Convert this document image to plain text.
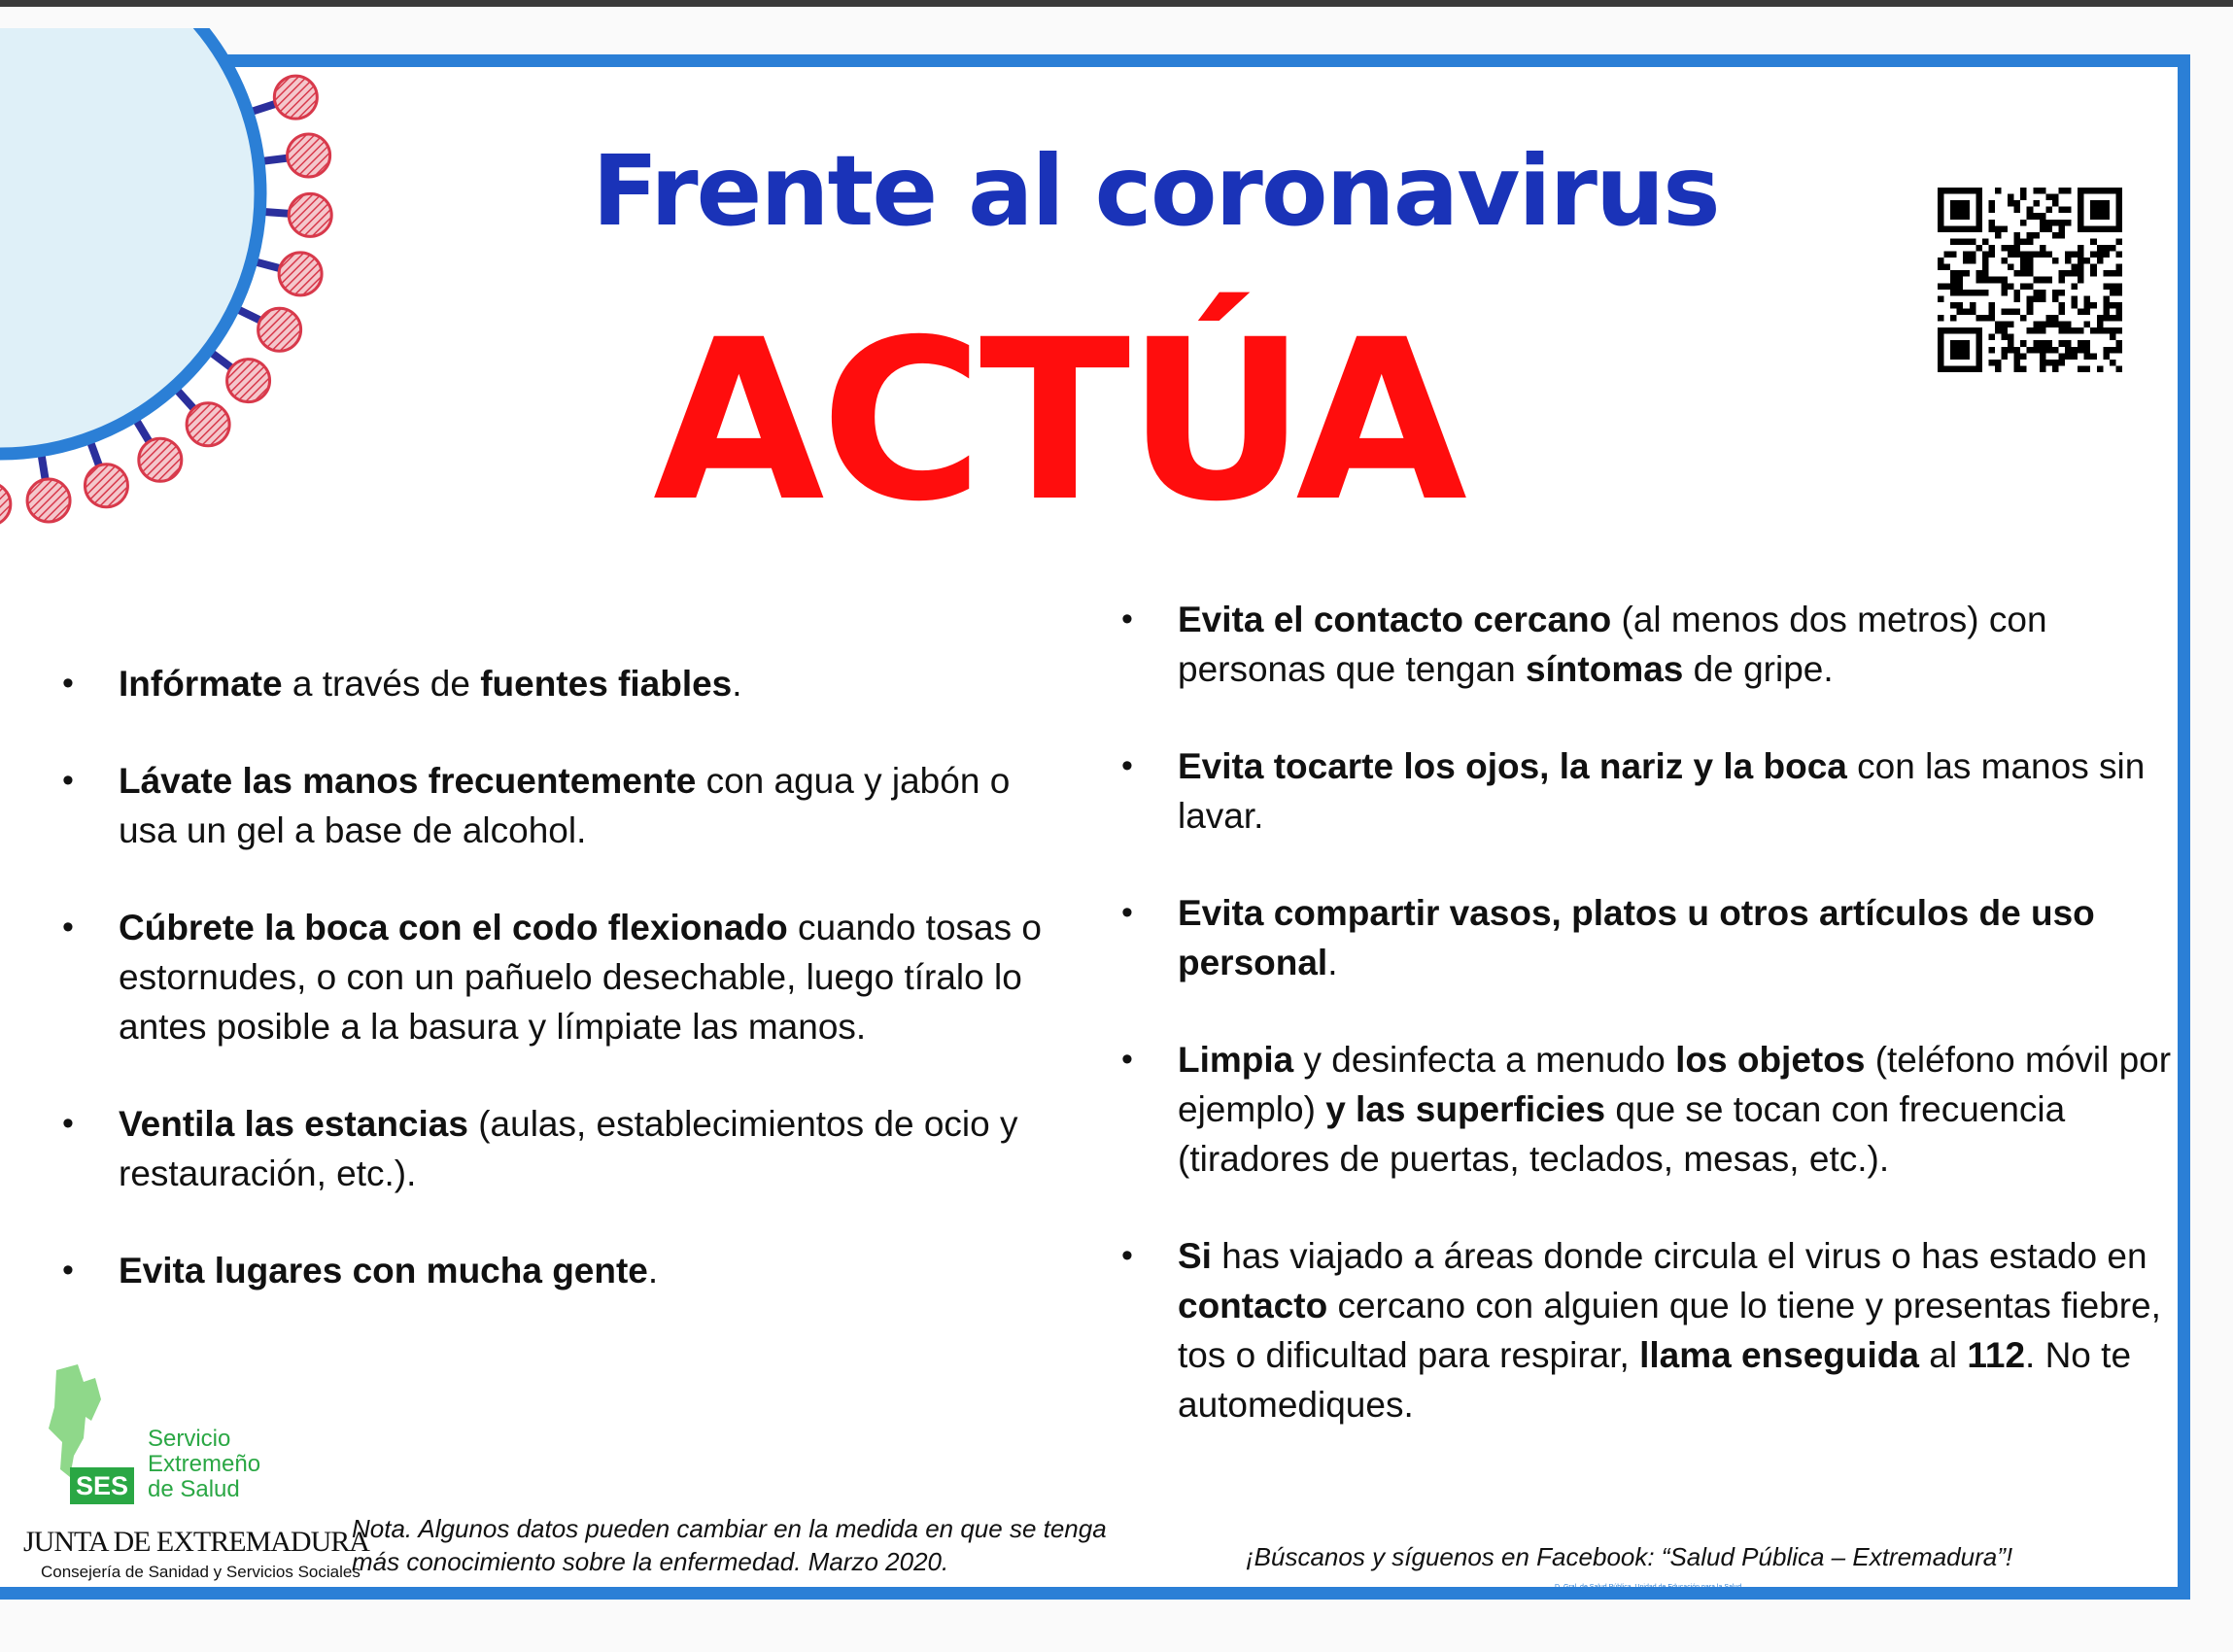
Frente al coronavirus
ACTÚA
• Infórmate a través de fuentes fiables.
• Lávate las manos frecuentemente con agua y jabón o usa un gel a base de alcohol.
• Cúbrete la boca con el codo flexionado cuando tosas o estornudes, o con un pañuelo desechable, luego tíralo lo antes posible a la basura y límpiate las manos.
• Ventila las estancias (aulas, establecimientos de ocio y restauración, etc.).
• Evita lugares con mucha gente.
• Evita el contacto cercano (al menos dos metros) con personas que tengan síntomas de gripe.
• Evita tocarte los ojos, la nariz y la boca con las manos sin lavar.
• Evita compartir vasos, platos u otros artículos de uso personal.
• Limpia y desinfecta a menudo los objetos (teléfono móvil por ejemplo) y las superficies que se tocan con frecuencia (tiradores de puertas, teclados, mesas, etc.).
• Si has viajado a áreas donde circula el virus o has estado en contacto cercano con alguien que lo tiene y presentas fiebre, tos o dificultad para respirar, llama enseguida al 112. No te automediques.
SES
Servicio
Extremeño
de Salud
JUNTA DE EXTREMADURA
Consejería de Sanidad y Servicios Sociales
Nota. Algunos datos pueden cambiar en la medida en que se tenga más conocimiento sobre la enfermedad. Marzo 2020.	¡Búscanos y síguenos en Facebook: “Salud Pública – Extremadura”!
D. Gral. de Salud Pública. Unidad de Educación para la Salud
